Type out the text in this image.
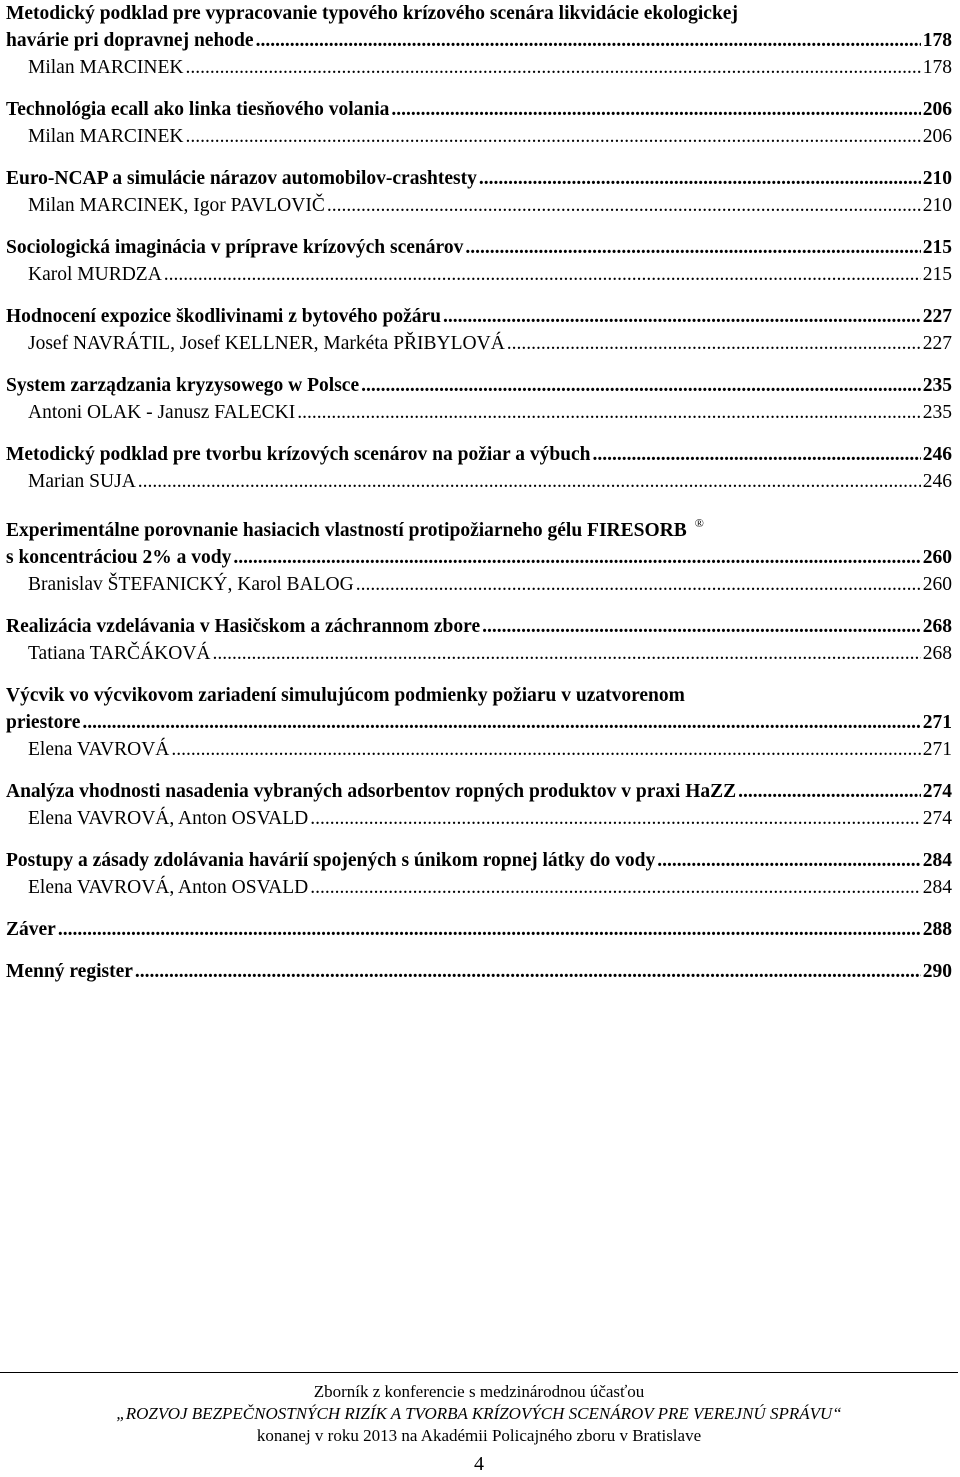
Metodický podklad pre vypracovanie typového krízového scenára likvidácie ekologickej
havárie pri dopravnej nehode .....	178
Milan MARCINEK .....	178
Technológia ecall ako linka tiesňového volania .....	206
Milan MARCINEK .....	206
Euro-NCAP a simulácie nárazov automobilov-crashtesty .....	210
Milan MARCINEK, Igor PAVLOVIČ .....	210
Sociologická imaginácia v príprave krízových scenárov .....	215
Karol MURDZA .....	215
Hodnocení expozice škodlivinami z bytového požáru .....	227
Josef NAVRÁTIL, Josef KELLNER, Markéta PŘIBYLOVÁ .....	227
System zarządzania kryzysowego w Polsce .....	235
Antoni OLAK - Janusz FALECKI .....	235
Metodický podklad pre tvorbu krízových scenárov na požiar a výbuch .....	246
Marian SUJA .....	246
Experimentálne porovnanie hasiacich vlastností protipožiarneho gélu FIRESORB ®
s koncentráciou 2% a vody .....	260
Branislav ŠTEFANICKÝ, Karol BALOG .....	260
Realizácia vzdelávania v Hasičskom a záchrannom zbore .....	268
Tatiana TARČÁKOVÁ .....	268
Výcvik vo výcvikovom zariadení simulujúcom podmienky požiaru v uzatvorenom
priestore .....	271
Elena VAVROVÁ .....	271
Analýza vhodnosti nasadenia vybraných adsorbentov ropných produktov v praxi HaZZ .....	274
Elena VAVROVÁ, Anton OSVALD .....	274
Postupy a zásady zdolávania havárií spojených s únikom ropnej látky do vody .....	284
Elena VAVROVÁ, Anton OSVALD .....	284
Záver .....	288
Menný register .....	290
Zborník z konferencie s medzinárodnou účasťou
„ROZVOJ BEZPEČNOSTNÝCH RIZÍK A TVORBA KRÍZOVÝCH SCENÁROV PRE VEREJNÚ SPRÁVU“
konanej v roku 2013 na Akadémii Policajného zboru v Bratislave
4
